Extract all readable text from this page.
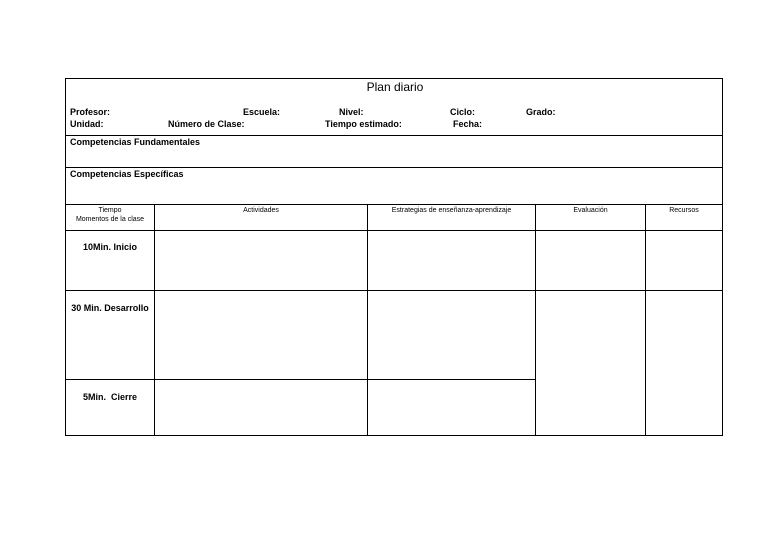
Plan diario
Profesor:	Escuela:	Nivel:	Ciclo:	Grado:
Unidad:	Número de Clase:	Tiempo estimado:	Fecha:
Competencias Fundamentales
Competencias Específicas
Tiempo
Momentos de la clase
Actividades	Estrategias de enseñanza-aprendizaje	Evaluación	Recursos
10Min. Inicio
30 Min. Desarrollo
5Min.  Cierre
